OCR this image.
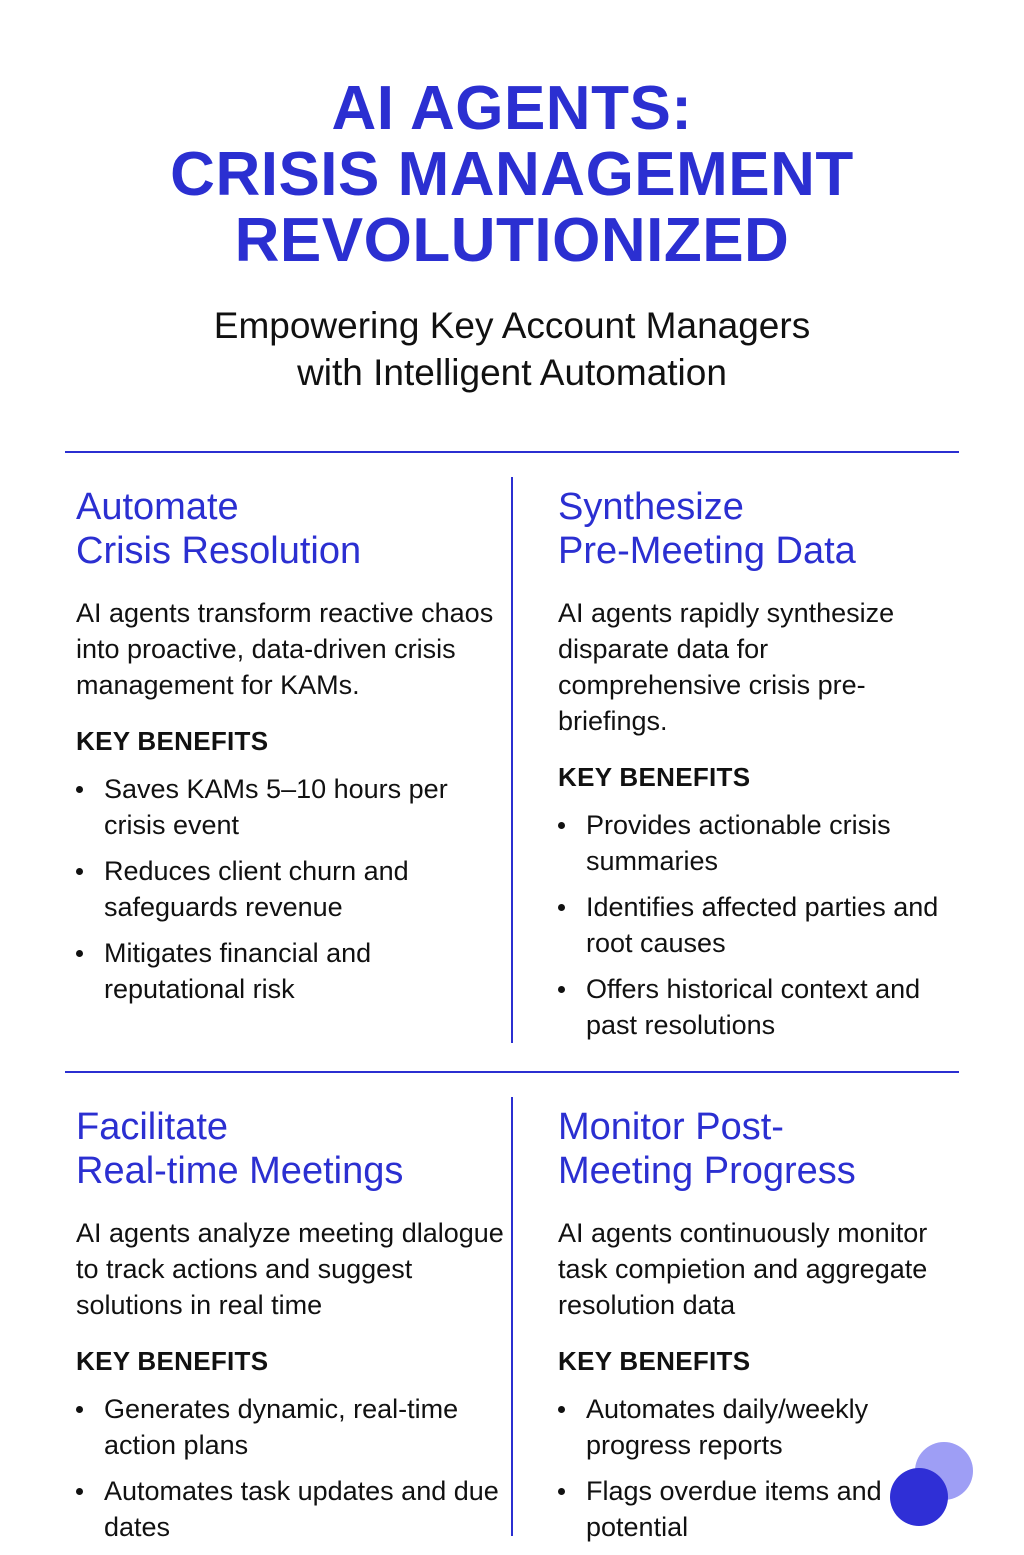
AI AGENTS:
CRISIS MANAGEMENT
REVOLUTIONIZED

Empowering Key Account Managers
with Intelligent Automation

Automate
Crisis Resolution

AI agents transform reactive chaos into proactive, data-driven crisis management for KAMs.

KEY BENEFITS
Saves KAMs 5–10 hours per crisis event
Reduces client churn and safeguards revenue
Mitigates financial and reputational risk
Synthesize
Pre-Meeting Data

AI agents rapidly synthesize disparate data for comprehensive crisis pre-briefings.

KEY BENEFITS
Provides actionable crisis summaries
Identifies affected parties and root causes
Offers historical context and past resolutions
Facilitate
Real-time Meetings

AI agents analyze meeting dlalogue to track actions and suggest solutions in real time

KEY BENEFITS
Generates dynamic, real-time action plans
Automates task updates and due dates
Monitor Post-
Meeting Progress

AI agents continuously monitor task compietion and aggregate resolution data

KEY BENEFITS
Automates daily/weekly progress reports
Flags overdue items and potential
